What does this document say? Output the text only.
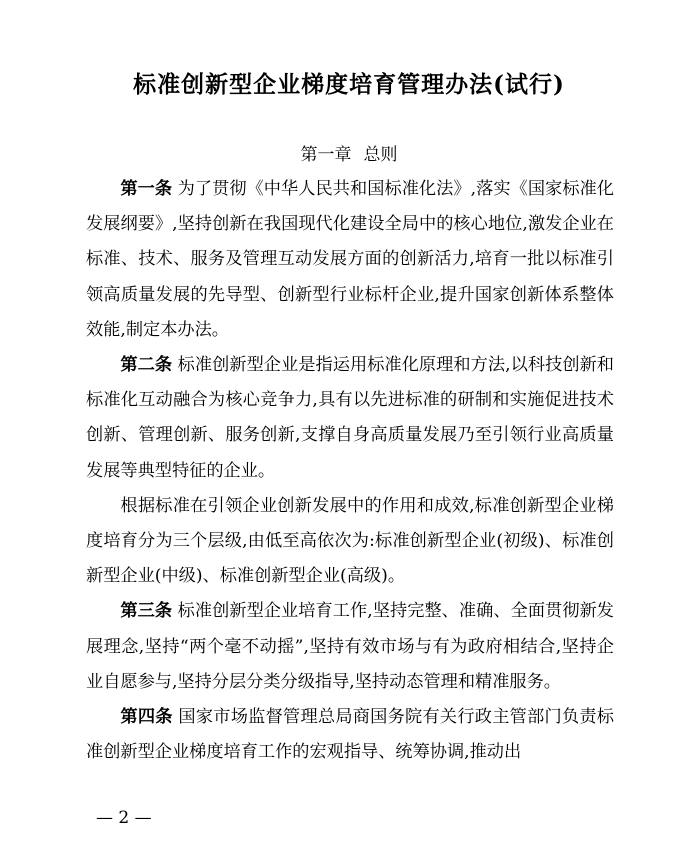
标准创新型企业梯度培育管理办法(试行)
第一章 总则

第一条 为了贯彻《中华人民共和国标准化法》,落实《国家标准化发展纲要》,坚持创新在我国现代化建设全局中的核心地位,激发企业在标准、技术、服务及管理互动发展方面的创新活力,培育一批以标准引领高质量发展的先导型、创新型行业标杆企业,提升国家创新体系整体效能,制定本办法。

第二条 标准创新型企业是指运用标准化原理和方法,以科技创新和标准化互动融合为核心竞争力,具有以先进标准的研制和实施促进技术创新、管理创新、服务创新,支撑自身高质量发展乃至引领行业高质量发展等典型特征的企业。

根据标准在引领企业创新发展中的作用和成效,标准创新型企业梯度培育分为三个层级,由低至高依次为:标准创新型企业(初级)、标准创新型企业(中级)、标准创新型企业(高级)。

第三条 标准创新型企业培育工作,坚持完整、准确、全面贯彻新发展理念,坚持“两个毫不动摇”,坚持有效市场与有为政府相结合,坚持企业自愿参与,坚持分层分类分级指导,坚持动态管理和精准服务。

第四条 国家市场监督管理总局商国务院有关行政主管部门负责标准创新型企业梯度培育工作的宏观指导、统筹协调,推动出

— 2 —
